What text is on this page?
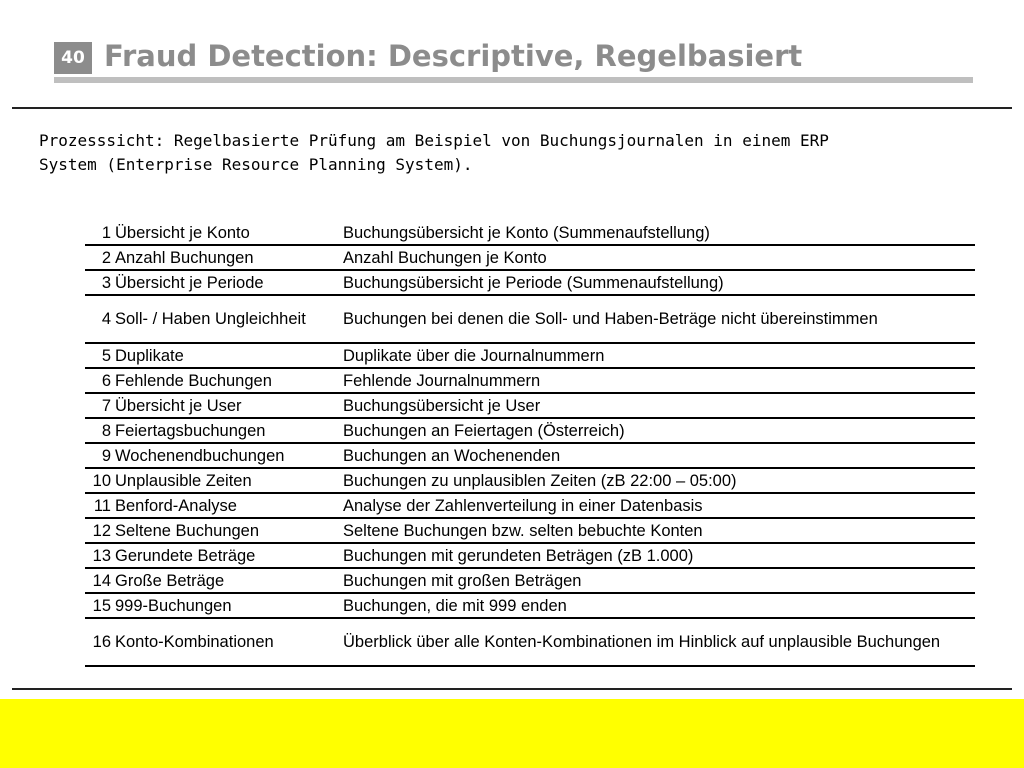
40 Fraud Detection: Descriptive, Regelbasiert
Prozesssicht: Regelbasierte Prüfung am Beispiel von Buchungsjournalen in einem ERP
System (Enterprise Resource Planning System).
1	Übersicht je Konto	Buchungsübersicht je Konto (Summenaufstellung)
2	Anzahl Buchungen	Anzahl Buchungen je Konto
3	Übersicht je Periode	Buchungsübersicht je Periode (Summenaufstellung)
4	Soll- / Haben Ungleichheit	Buchungen bei denen die Soll- und Haben-Beträge nicht übereinstimmen
5	Duplikate	Duplikate über die Journalnummern
6	Fehlende Buchungen	Fehlende Journalnummern
7	Übersicht je User	Buchungsübersicht je User
8	Feiertagsbuchungen	Buchungen an Feiertagen (Österreich)
9	Wochenendbuchungen	Buchungen an Wochenenden
10	Unplausible Zeiten	Buchungen zu unplausiblen Zeiten (zB 22:00 – 05:00)
11	Benford-Analyse	Analyse der Zahlenverteilung in einer Datenbasis
12	Seltene Buchungen	Seltene Buchungen bzw. selten bebuchte Konten
13	Gerundete Beträge	Buchungen mit gerundeten Beträgen (zB 1.000)
14	Große Beträge	Buchungen mit großen Beträgen
15	999-Buchungen	Buchungen, die mit 999 enden
16	Konto-Kombinationen	Überblick über alle Konten-Kombinationen im Hinblick auf unplausible Buchungen
